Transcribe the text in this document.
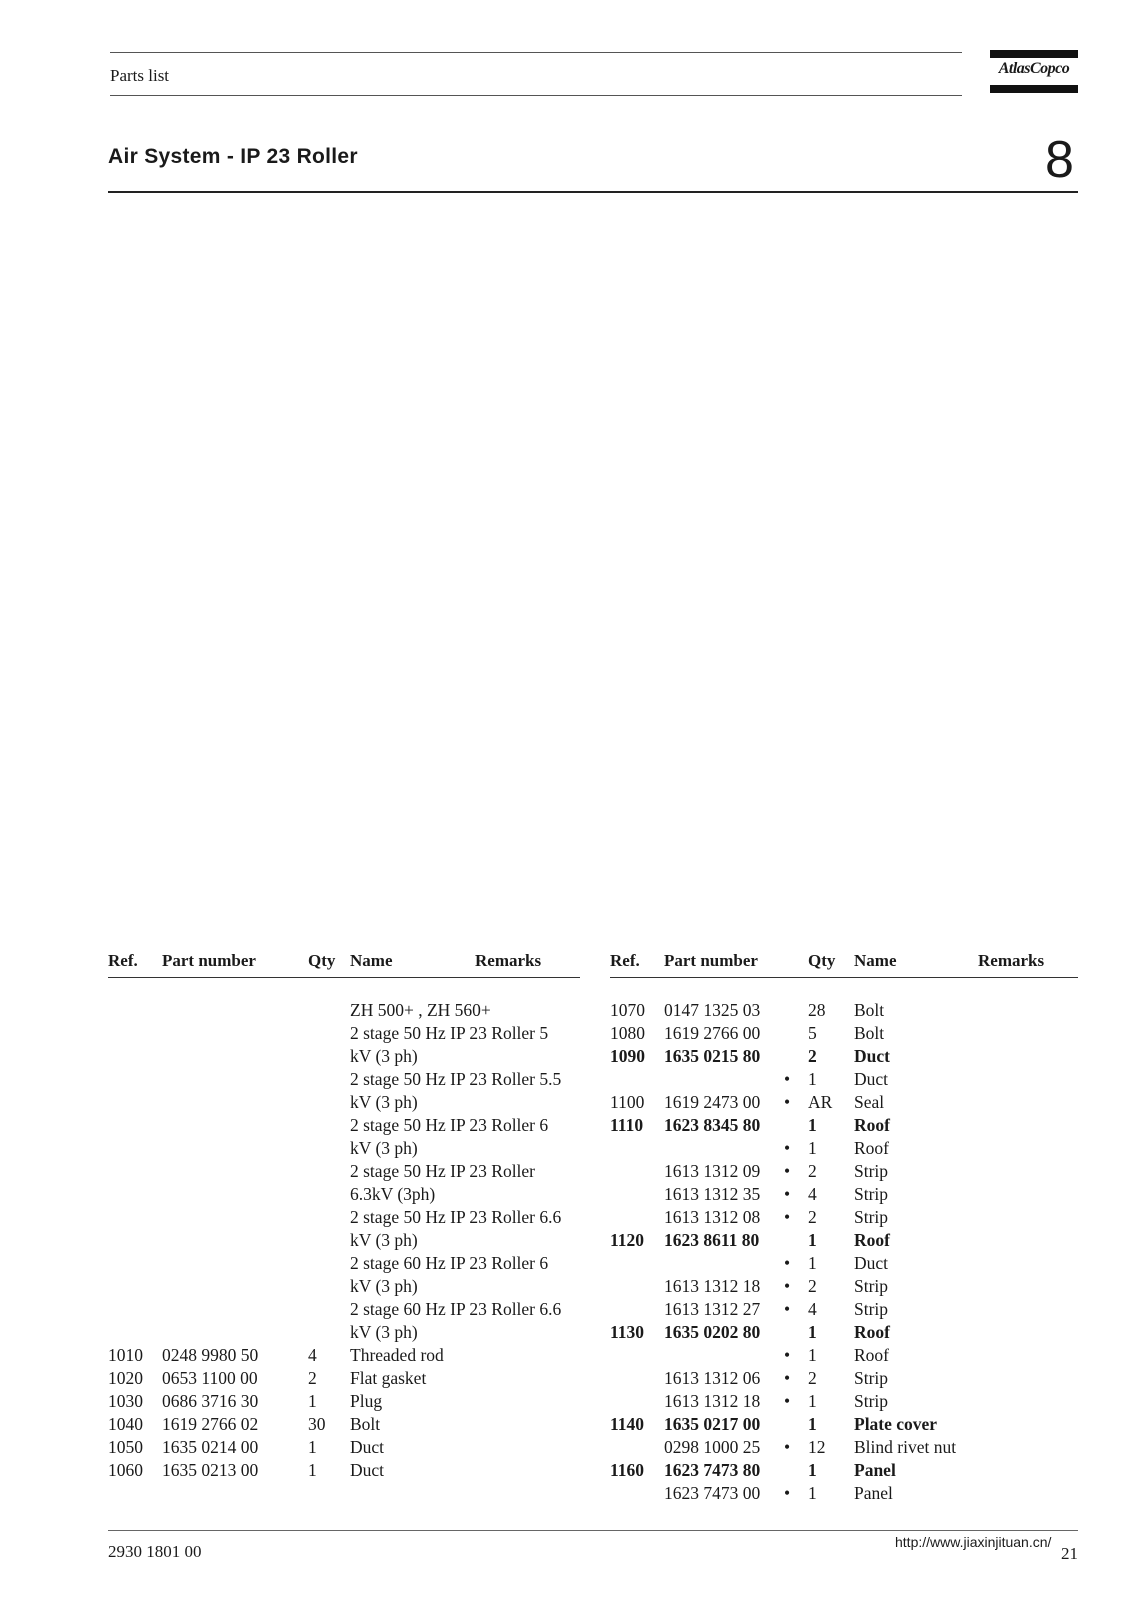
Parts list	AtlasCopco
Air System - IP 23 Roller	8
Ref. Part number	Qty Name	Remarks
ZH 500+ , ZH 560+
2 stage 50 Hz IP 23 Roller 5
kV (3 ph)
2 stage 50 Hz IP 23 Roller 5.5
kV (3 ph)
2 stage 50 Hz IP 23 Roller 6
kV (3 ph)
2 stage 50 Hz IP 23 Roller
6.3kV (3ph)
2 stage 50 Hz IP 23 Roller 6.6
kV (3 ph)
2 stage 60 Hz IP 23 Roller 6
kV (3 ph)
2 stage 60 Hz IP 23 Roller 6.6
kV (3 ph)
1010 0248 9980 50	4 Threaded rod
1020 0653 1100 00	2 Flat gasket
1030 0686 3716 30	1 Plug
1040 1619 2766 02	30 Bolt
1050 1635 0214 00	1 Duct
1060 1635 0213 00	1 Duct
Ref. Part number	Qty Name	Remarks
1070 0147 1325 03	28 Bolt
1080 1619 2766 00	5 Bolt
1090 1635 0215 80	2 Duct
• 1 Duct
1100 1619 2473 00 • AR Seal
1110 1623 8345 80	1 Roof
• 1 Roof
1613 1312 09 • 2 Strip
1613 1312 35 • 4 Strip
1613 1312 08 • 2 Strip
1120 1623 8611 80	1 Roof
• 1 Duct
1613 1312 18 • 2 Strip
1613 1312 27 • 4 Strip
1130 1635 0202 80	1 Roof
• 1 Roof
1613 1312 06 • 2 Strip
1613 1312 18 • 1 Strip
1140 1635 0217 00	1 Plate cover
0298 1000 25 • 12 Blind rivet nut
1160 1623 7473 80	1 Panel
1623 7473 00 • 1 Panel
2930 1801 00	http://www.jiaxinjituan.cn/
21
